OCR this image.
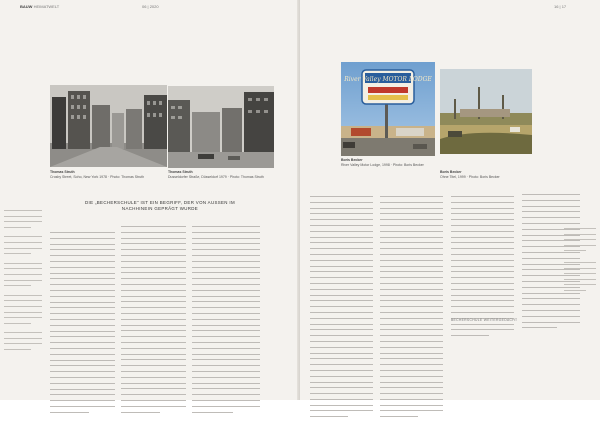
BAUW HEIMATWELT	06 | 2020
Thomas Struth
Crosby Street, Soho, New York 1978 · Photo: Thomas Struth
Thomas Struth
Dusseldorfer Straße, Düsseldorf 1979 · Photo: Thomas Struth
DIE „BECHERSCHULE“ IST EIN BEGRIFF, DER VON AUSSEN IM NACHHINEIN GEPRÄGT WURDE
16 | 17
River Valley MOTOR LODGE
Boris Becker
River Valley Motor Lodge, 1998 · Photo: Boris Becker
Boris Becker
Ohne Titel, 1999 · Photo: Boris Becker
BECHERSCHULE WEITERGEDACHT
